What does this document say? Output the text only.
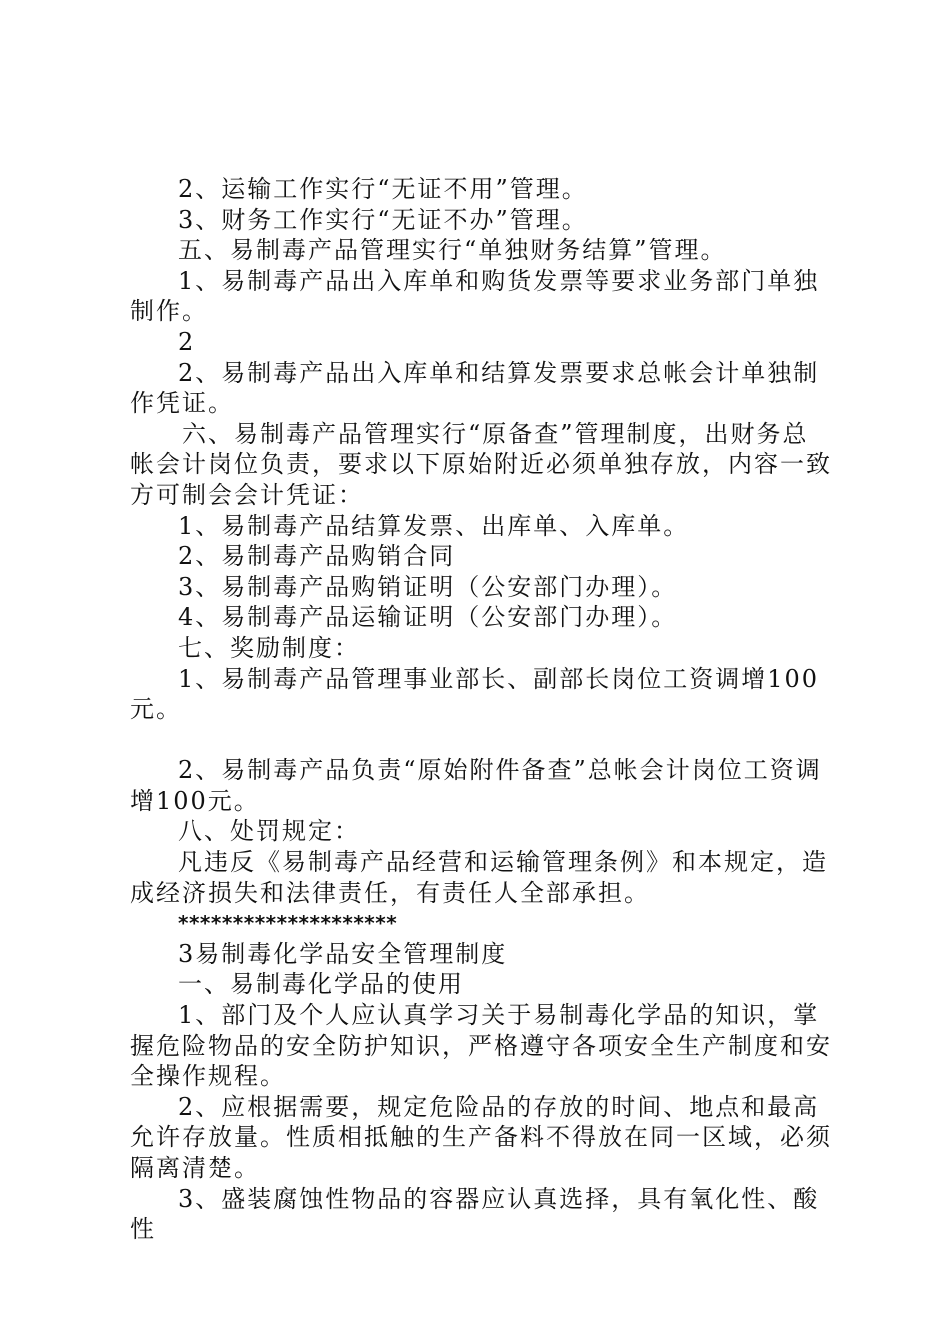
2、运输工作实行“无证不用”管理。

3、财务工作实行“无证不办”管理。

五、易制毒产品管理实行“单独财务结算”管理。

1、易制毒产品出入库单和购货发票等要求业务部门单独制作。

2

2、易制毒产品出入库单和结算发票要求总帐会计单独制作凭证。

六、易制毒产品管理实行“原备查”管理制度，出财务总帐会计岗位负责，要求以下原始附近必须单独存放，内容一致方可制会会计凭证：

1、易制毒产品结算发票、出库单、入库单。

2、易制毒产品购销合同

3、易制毒产品购销证明（公安部门办理）。

4、易制毒产品运输证明（公安部门办理）。

七、奖励制度：

1、易制毒产品管理事业部长、副部长岗位工资调增100元。

2、易制毒产品负责“原始附件备查”总帐会计岗位工资调增100元。

八、处罚规定：

凡违反《易制毒产品经营和运输管理条例》和本规定，造成经济损失和法律责任，有责任人全部承担。

********************

3易制毒化学品安全管理制度

一、易制毒化学品的使用

1、部门及个人应认真学习关于易制毒化学品的知识，掌握危险物品的安全防护知识，严格遵守各项安全生产制度和安全操作规程。

2、应根据需要，规定危险品的存放的时间、地点和最高允许存放量。性质相抵触的生产备料不得放在同一区域，必须隔离清楚。

3、盛装腐蚀性物品的容器应认真选择，具有氧化性、酸性
